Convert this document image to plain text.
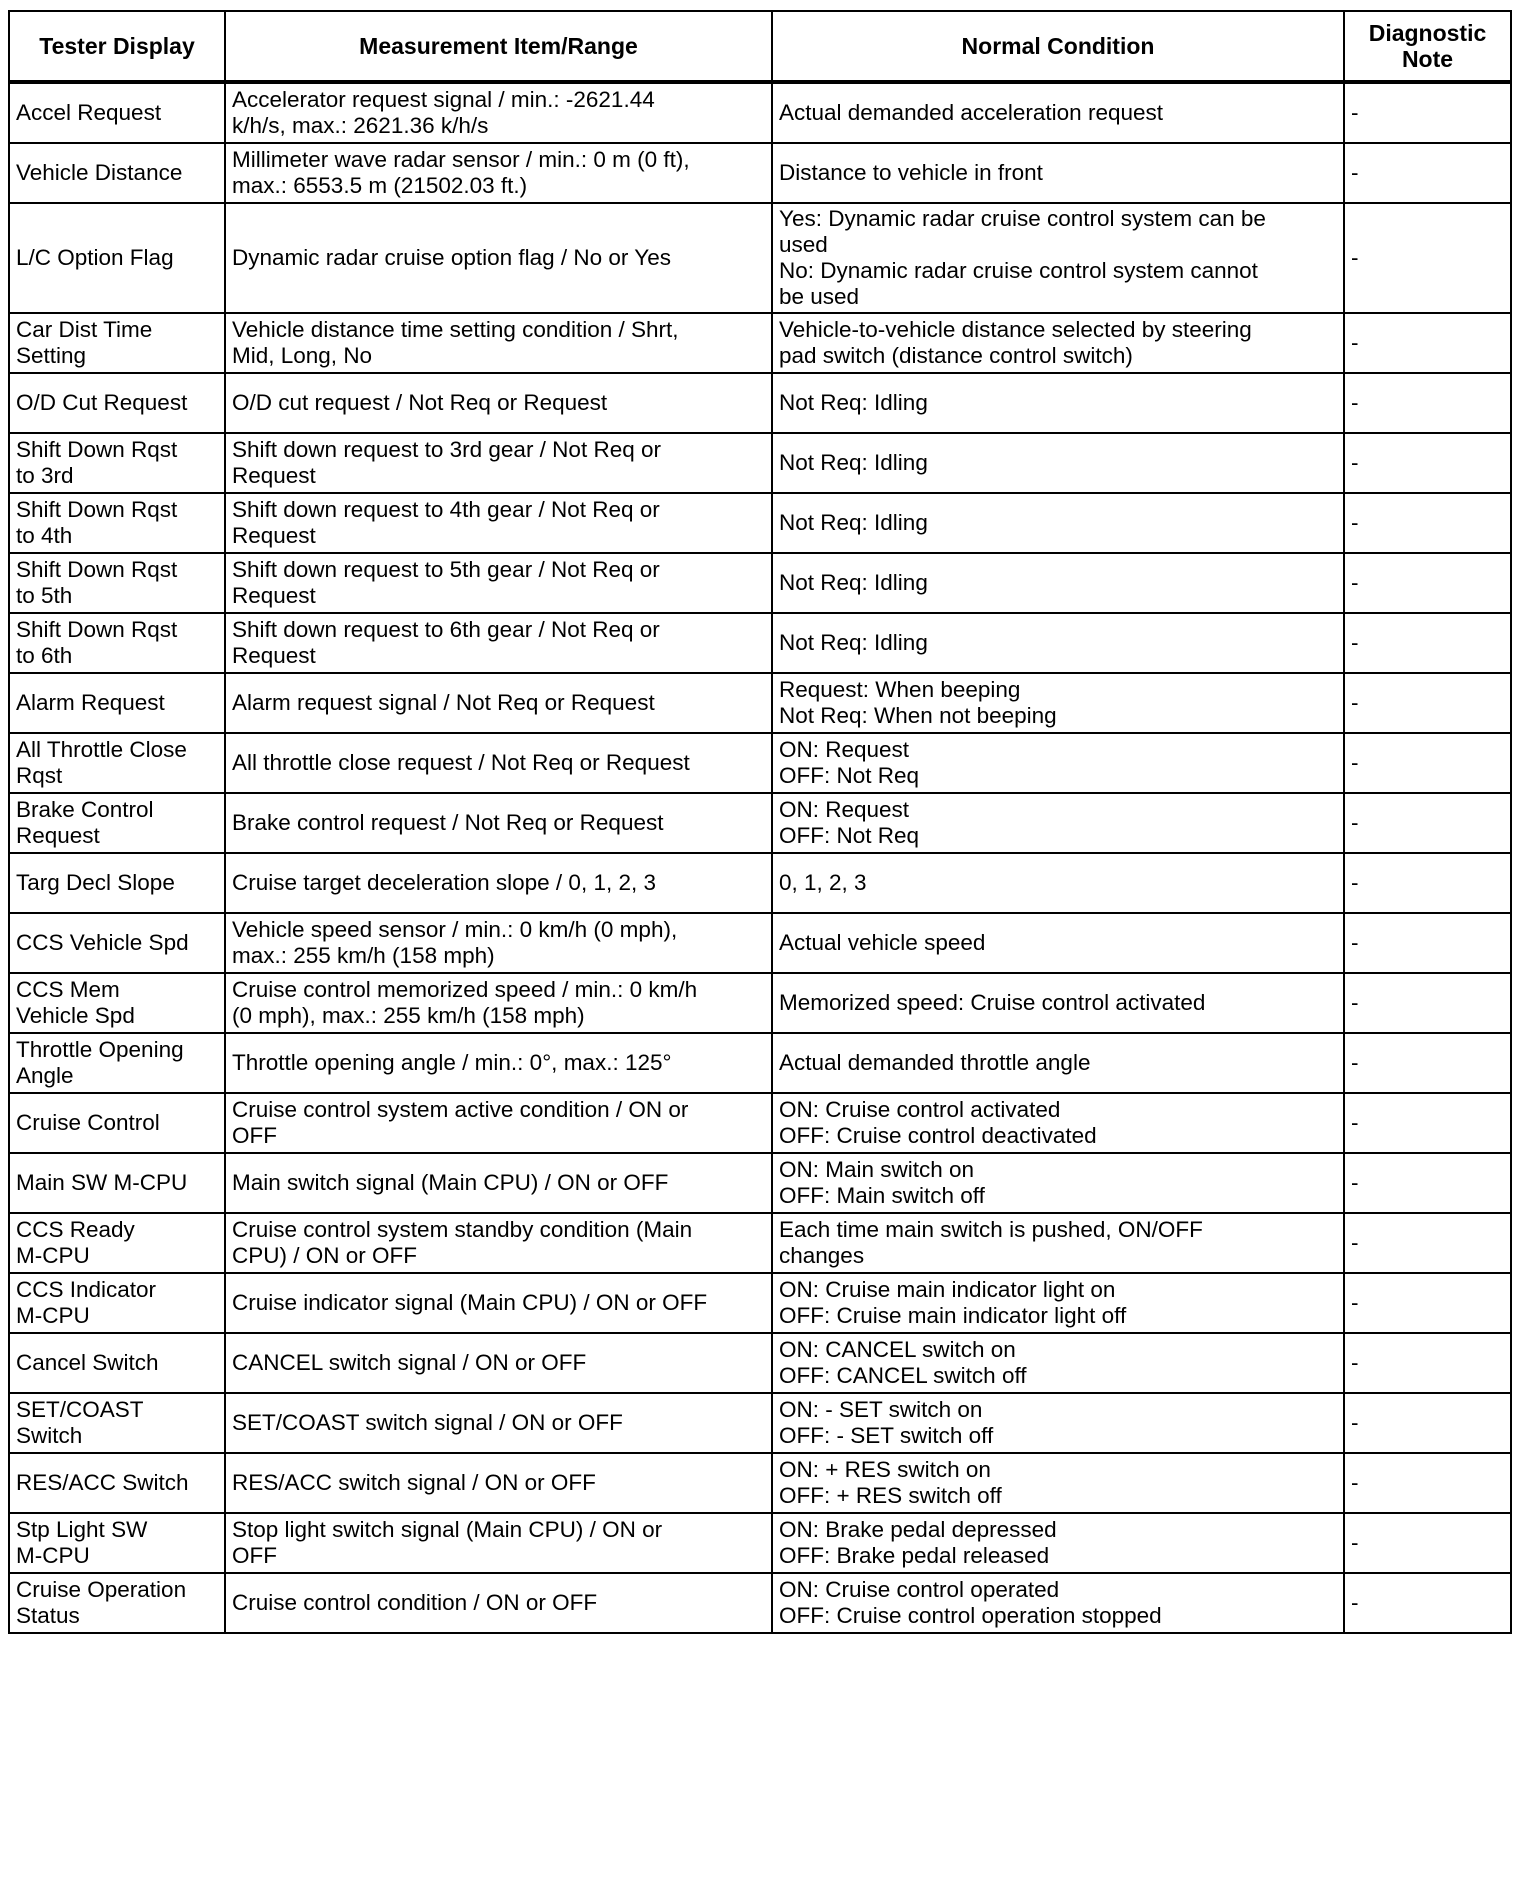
Tester Display	Measurement Item/Range	Normal Condition	Diagnostic
Note
Accel Request	Accelerator request signal / min.: -2621.44
k/h/s, max.: 2621.36 k/h/s	Actual demanded acceleration request	-
Vehicle Distance	Millimeter wave radar sensor / min.: 0 m (0 ft),
max.: 6553.5 m (21502.03 ft.)	Distance to vehicle in front	-
L/C Option Flag	Dynamic radar cruise option flag / No or Yes	Yes: Dynamic radar cruise control system can be
used
No: Dynamic radar cruise control system cannot
be used	-
Car Dist Time
Setting	Vehicle distance time setting condition / Shrt,
Mid, Long, No	Vehicle-to-vehicle distance selected by steering
pad switch (distance control switch)	-
O/D Cut Request	O/D cut request / Not Req or Request	Not Req: Idling	-
Shift Down Rqst
to 3rd	Shift down request to 3rd gear / Not Req or
Request	Not Req: Idling	-
Shift Down Rqst
to 4th	Shift down request to 4th gear / Not Req or
Request	Not Req: Idling	-
Shift Down Rqst
to 5th	Shift down request to 5th gear / Not Req or
Request	Not Req: Idling	-
Shift Down Rqst
to 6th	Shift down request to 6th gear / Not Req or
Request	Not Req: Idling	-
Alarm Request	Alarm request signal / Not Req or Request	Request: When beeping
Not Req: When not beeping	-
All Throttle Close
Rqst	All throttle close request / Not Req or Request	ON: Request
OFF: Not Req	-
Brake Control
Request	Brake control request / Not Req or Request	ON: Request
OFF: Not Req	-
Targ Decl Slope	Cruise target deceleration slope / 0, 1, 2, 3	0, 1, 2, 3	-
CCS Vehicle Spd	Vehicle speed sensor / min.: 0 km/h (0 mph),
max.: 255 km/h (158 mph)	Actual vehicle speed	-
CCS Mem
Vehicle Spd	Cruise control memorized speed / min.: 0 km/h
(0 mph), max.: 255 km/h (158 mph)	Memorized speed: Cruise control activated	-
Throttle Opening
Angle	Throttle opening angle / min.: 0°, max.: 125°	Actual demanded throttle angle	-
Cruise Control	Cruise control system active condition / ON or
OFF	ON: Cruise control activated
OFF: Cruise control deactivated	-
Main SW M-CPU	Main switch signal (Main CPU) / ON or OFF	ON: Main switch on
OFF: Main switch off	-
CCS Ready
M-CPU	Cruise control system standby condition (Main
CPU) / ON or OFF	Each time main switch is pushed, ON/OFF
changes	-
CCS Indicator
M-CPU	Cruise indicator signal (Main CPU) / ON or OFF	ON: Cruise main indicator light on
OFF: Cruise main indicator light off	-
Cancel Switch	CANCEL switch signal / ON or OFF	ON: CANCEL switch on
OFF: CANCEL switch off	-
SET/COAST
Switch	SET/COAST switch signal / ON or OFF	ON: - SET switch on
OFF: - SET switch off	-
RES/ACC Switch	RES/ACC switch signal / ON or OFF	ON: + RES switch on
OFF: + RES switch off	-
Stp Light SW
M-CPU	Stop light switch signal (Main CPU) / ON or
OFF	ON: Brake pedal depressed
OFF: Brake pedal released	-
Cruise Operation
Status	Cruise control condition / ON or OFF	ON: Cruise control operated
OFF: Cruise control operation stopped	-
